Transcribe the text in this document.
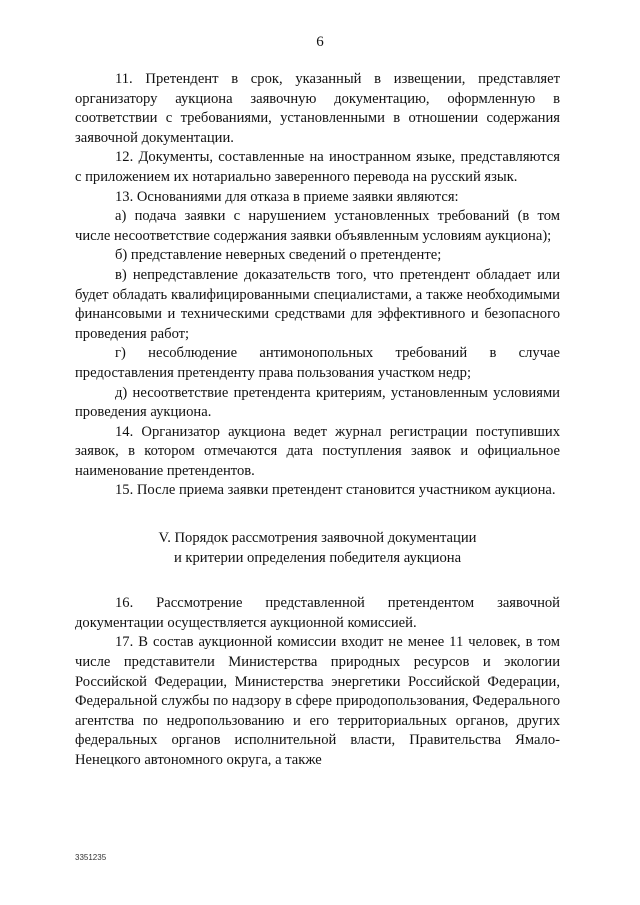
6

11. Претендент в срок, указанный в извещении, представляет организатору аукциона заявочную документацию, оформленную в соответствии с требованиями, установленными в отношении содержания заявочной документации.

12. Документы, составленные на иностранном языке, представляются с приложением их нотариально заверенного перевода на русский язык.

13. Основаниями для отказа в приеме заявки являются:

а) подача заявки с нарушением установленных требований (в том числе несоответствие содержания заявки объявленным условиям аукциона);

б) представление неверных сведений о претенденте;

в) непредставление доказательств того, что претендент обладает или будет обладать квалифицированными специалистами, а также необходимыми финансовыми и техническими средствами для эффективного и безопасного проведения работ;

г) несоблюдение антимонопольных требований в случае предоставления претенденту права пользования участком недр;

д) несоответствие претендента критериям, установленным условиями проведения аукциона.

14. Организатор аукциона ведет журнал регистрации поступивших заявок, в котором отмечаются дата поступления заявок и официальное наименование претендентов.

15. После приема заявки претендент становится участником аукциона.

V. Порядок рассмотрения заявочной документации
и критерии определения победителя аукциона

16. Рассмотрение представленной претендентом заявочной документации осуществляется аукционной комиссией.

17. В состав аукционной комиссии входит не менее 11 человек, в том числе представители Министерства природных ресурсов и экологии Российской Федерации, Министерства энергетики Российской Федерации, Федеральной службы по надзору в сфере природопользования, Федерального агентства по недропользованию и его территориальных органов, других федеральных органов исполнительной власти, Правительства Ямало-Ненецкого автономного округа, а также

3351235
